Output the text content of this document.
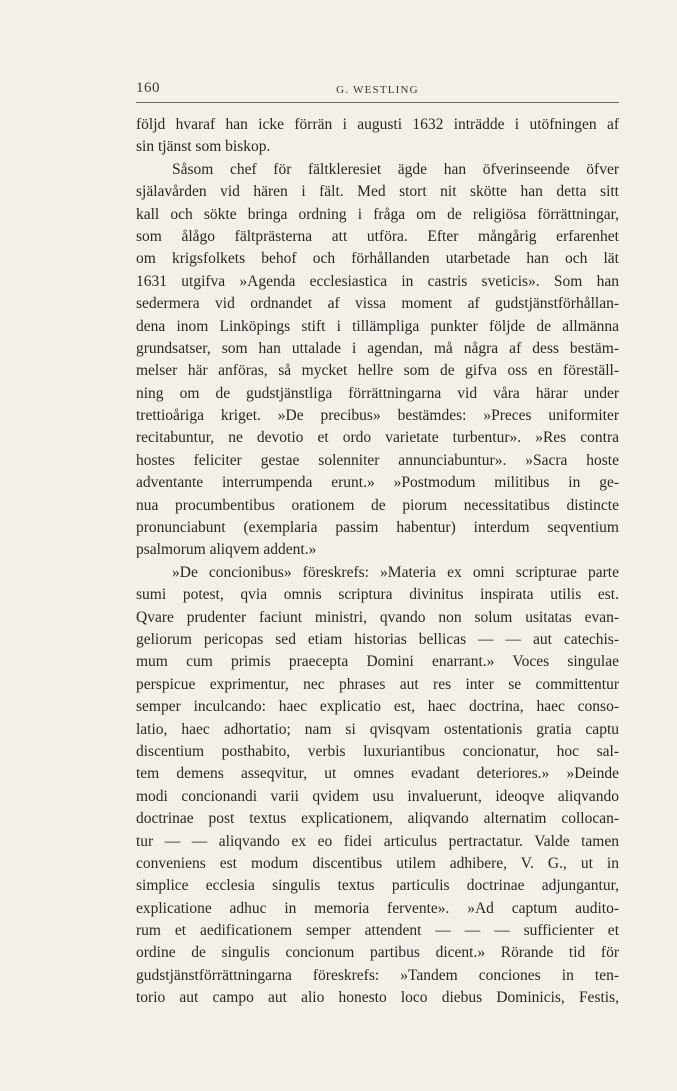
160	G. WESTLING
följd hvaraf han icke förrän i augusti 1632 inträdde i utöfningen af
sin tjänst som biskop.
Såsom chef för fältkleresiet ägde han öfverinseende öfver
själavården vid hären i fält. Med stort nit skötte han detta sitt
kall och sökte bringa ordning i fråga om de religiösa förrättningar,
som ålågo fältprästerna att utföra. Efter mångårig erfarenhet
om krigsfolkets behof och förhållanden utarbetade han och lät
1631 utgifva »Agenda ecclesiastica in castris sveticis». Som han
sedermera vid ordnandet af vissa moment af gudstjänstförhållan-
dena inom Linköpings stift i tillämpliga punkter följde de allmänna
grundsatser, som han uttalade i agendan, må några af dess bestäm-
melser här anföras, så mycket hellre som de gifva oss en föreställ-
ning om de gudstjänstliga förrättningarna vid våra härar under
trettioåriga kriget. »De precibus» bestämdes: »Preces uniformiter
recitabuntur, ne devotio et ordo varietate turbentur». »Res contra
hostes feliciter gestae solenniter annunciabuntur». »Sacra hoste
adventante interrumpenda erunt.» »Postmodum militibus in ge-
nua procumbentibus orationem de piorum necessitatibus distincte
pronunciabunt (exemplaria passim habentur) interdum seqventium
psalmorum aliqvem addent.»
»De concionibus» föreskrefs: »Materia ex omni scripturae parte
sumi potest, qvia omnis scriptura divinitus inspirata utilis est.
Qvare prudenter faciunt ministri, qvando non solum usitatas evan-
geliorum pericopas sed etiam historias bellicas — — aut catechis-
mum cum primis praecepta Domini enarrant.» Voces singulae
perspicue exprimentur, nec phrases aut res inter se committentur
semper inculcando: haec explicatio est, haec doctrina, haec conso-
latio, haec adhortatio; nam si qvisqvam ostentationis gratia captu
discentium posthabito, verbis luxuriantibus concionatur, hoc sal-
tem demens asseqvitur, ut omnes evadant deteriores.» »Deinde
modi concionandi varii qvidem usu invaluerunt, ideoqve aliqvando
doctrinae post textus explicationem, aliqvando alternatim collocan-
tur — — aliqvando ex eo fidei articulus pertractatur. Valde tamen
conveniens est modum discentibus utilem adhibere, V. G., ut in
simplice ecclesia singulis textus particulis doctrinae adjungantur,
explicatione adhuc in memoria fervente». »Ad captum audito-
rum et aedificationem semper attendent — — — sufficienter et
ordine de singulis concionum partibus dicent.» Rörande tid för
gudstjänstförrättningarna föreskrefs: »Tandem conciones in ten-
torio aut campo aut alio honesto loco diebus Dominicis, Festis,
